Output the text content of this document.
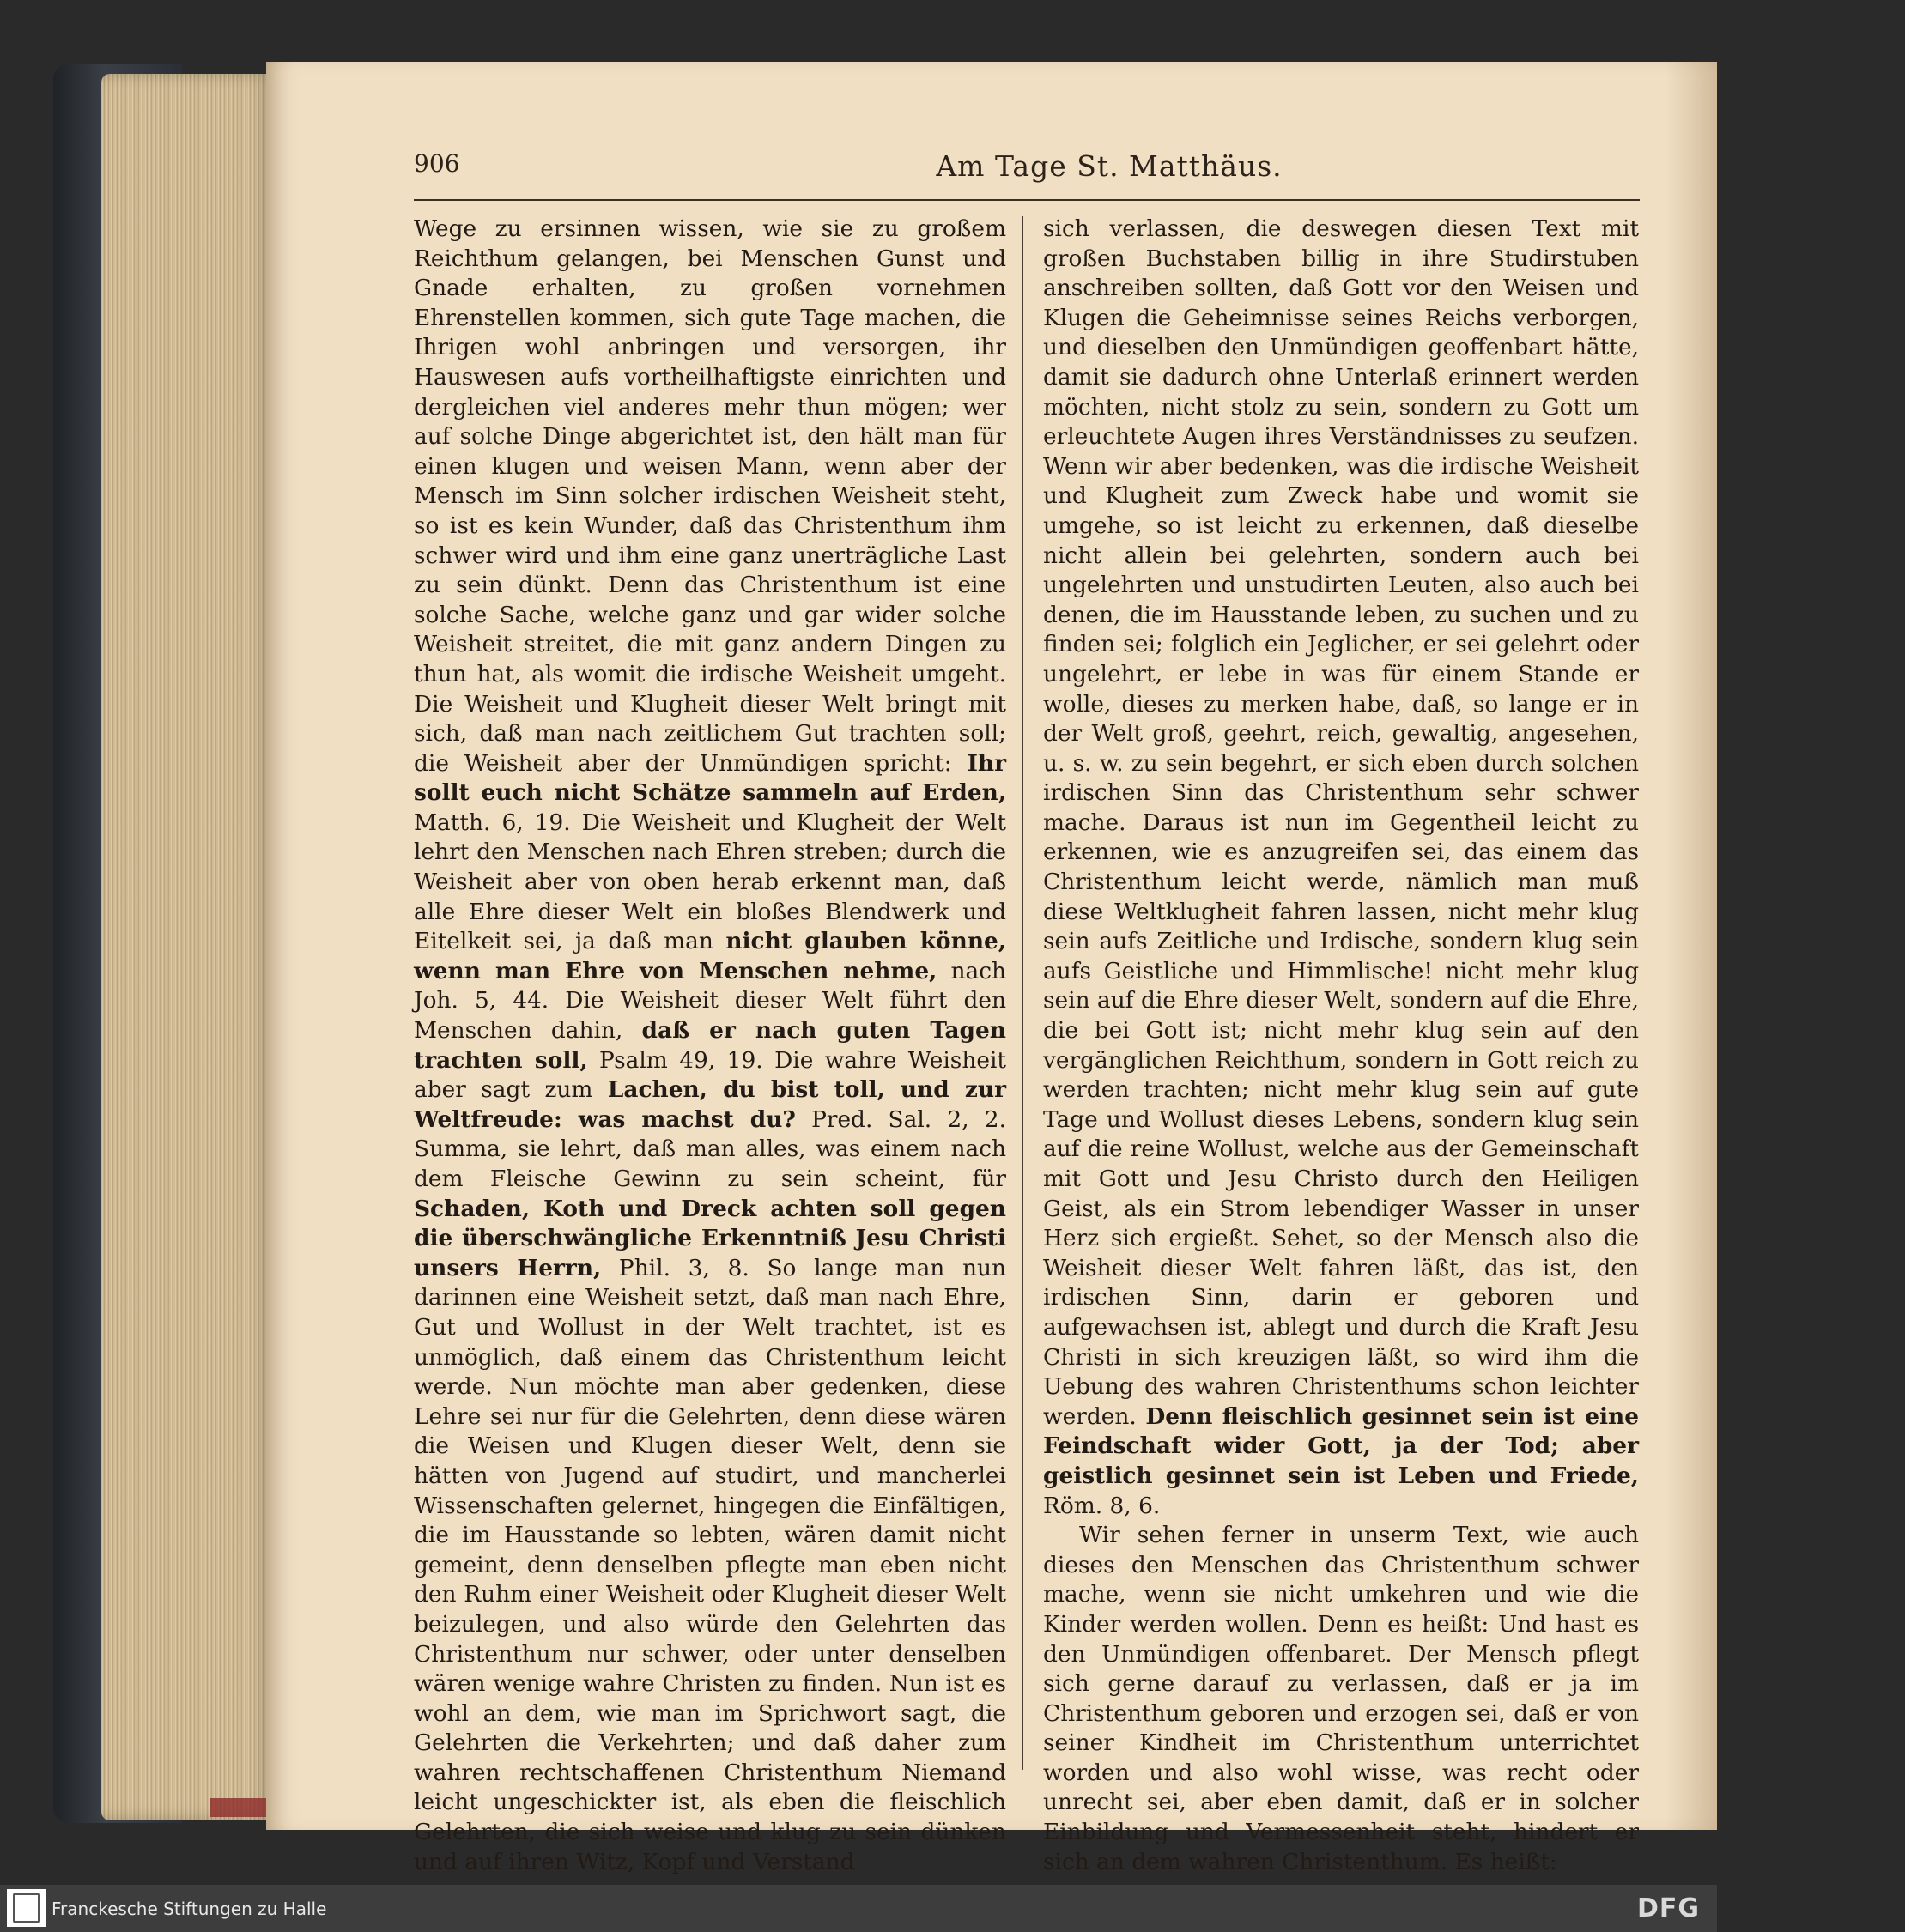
906	Am Tage St. Matthäus.

Wege zu ersinnen wissen, wie sie zu großem Reichthum gelangen, bei Menschen Gunst und Gnade erhalten, zu großen vornehmen Ehrenstellen kommen, sich gute Tage machen, die Ihrigen wohl anbringen und versorgen, ihr Hauswesen aufs vortheilhaftigste einrichten und dergleichen viel anderes mehr thun mögen; wer auf solche Dinge abgerichtet ist, den hält man für einen klugen und weisen Mann, wenn aber der Mensch im Sinn solcher irdischen Weisheit steht, so ist es kein Wunder, daß das Christenthum ihm schwer wird und ihm eine ganz unerträgliche Last zu sein dünkt. Denn das Christenthum ist eine solche Sache, welche ganz und gar wider solche Weisheit streitet, die mit ganz andern Dingen zu thun hat, als womit die irdische Weisheit umgeht. Die Weisheit und Klugheit dieser Welt bringt mit sich, daß man nach zeitlichem Gut trachten soll; die Weisheit aber der Unmündigen spricht: Ihr sollt euch nicht Schätze sammeln auf Erden, Matth. 6, 19. Die Weisheit und Klugheit der Welt lehrt den Menschen nach Ehren streben; durch die Weisheit aber von oben herab erkennt man, daß alle Ehre dieser Welt ein bloßes Blendwerk und Eitelkeit sei, ja daß man nicht glauben könne, wenn man Ehre von Menschen nehme, nach Joh. 5, 44. Die Weisheit dieser Welt führt den Menschen dahin, daß er nach guten Tagen trachten soll, Psalm 49, 19. Die wahre Weisheit aber sagt zum Lachen, du bist toll, und zur Weltfreude: was machst du? Pred. Sal. 2, 2. Summa, sie lehrt, daß man alles, was einem nach dem Fleische Gewinn zu sein scheint, für Schaden, Koth und Dreck achten soll gegen die überschwängliche Erkenntniß Jesu Christi unsers Herrn, Phil. 3, 8. So lange man nun darinnen eine Weisheit setzt, daß man nach Ehre, Gut und Wollust in der Welt trachtet, ist es unmöglich, daß einem das Christenthum leicht werde. Nun möchte man aber gedenken, diese Lehre sei nur für die Gelehrten, denn diese wären die Weisen und Klugen dieser Welt, denn sie hätten von Jugend auf studirt, und mancherlei Wissenschaften gelernet, hingegen die Einfältigen, die im Hausstande so lebten, wären damit nicht gemeint, denn denselben pflegte man eben nicht den Ruhm einer Weisheit oder Klugheit dieser Welt beizulegen, und also würde den Gelehrten das Christenthum nur schwer, oder unter denselben wären wenige wahre Christen zu finden. Nun ist es wohl an dem, wie man im Sprichwort sagt, die Gelehrten die Verkehrten; und daß daher zum wahren rechtschaffenen Christenthum Niemand leicht ungeschickter ist, als eben die fleischlich Gelehrten, die sich weise und klug zu sein dünken und auf ihren Witz, Kopf und Verstand

sich verlassen, die deswegen diesen Text mit großen Buchstaben billig in ihre Studirstuben anschreiben sollten, daß Gott vor den Weisen und Klugen die Geheimnisse seines Reichs verborgen, und dieselben den Unmündigen geoffenbart hätte, damit sie dadurch ohne Unterlaß erinnert werden möchten, nicht stolz zu sein, sondern zu Gott um erleuchtete Augen ihres Verständnisses zu seufzen. Wenn wir aber bedenken, was die irdische Weisheit und Klugheit zum Zweck habe und womit sie umgehe, so ist leicht zu erkennen, daß dieselbe nicht allein bei gelehrten, sondern auch bei ungelehrten und unstudirten Leuten, also auch bei denen, die im Hausstande leben, zu suchen und zu finden sei; folglich ein Jeglicher, er sei gelehrt oder ungelehrt, er lebe in was für einem Stande er wolle, dieses zu merken habe, daß, so lange er in der Welt groß, geehrt, reich, gewaltig, angesehen, u. s. w. zu sein begehrt, er sich eben durch solchen irdischen Sinn das Christenthum sehr schwer mache. Daraus ist nun im Gegentheil leicht zu erkennen, wie es anzugreifen sei, das einem das Christenthum leicht werde, nämlich man muß diese Weltklugheit fahren lassen, nicht mehr klug sein aufs Zeitliche und Irdische, sondern klug sein aufs Geistliche und Himmlische! nicht mehr klug sein auf die Ehre dieser Welt, sondern auf die Ehre, die bei Gott ist; nicht mehr klug sein auf den vergänglichen Reichthum, sondern in Gott reich zu werden trachten; nicht mehr klug sein auf gute Tage und Wollust dieses Lebens, sondern klug sein auf die reine Wollust, welche aus der Gemeinschaft mit Gott und Jesu Christo durch den Heiligen Geist, als ein Strom lebendiger Wasser in unser Herz sich ergießt. Sehet, so der Mensch also die Weisheit dieser Welt fahren läßt, das ist, den irdischen Sinn, darin er geboren und aufgewachsen ist, ablegt und durch die Kraft Jesu Christi in sich kreuzigen läßt, so wird ihm die Uebung des wahren Christenthums schon leichter werden. Denn fleischlich gesinnet sein ist eine Feindschaft wider Gott, ja der Tod; aber geistlich gesinnet sein ist Leben und Friede, Röm. 8, 6.

Wir sehen ferner in unserm Text, wie auch dieses den Menschen das Christenthum schwer mache, wenn sie nicht umkehren und wie die Kinder werden wollen. Denn es heißt: Und hast es den Unmündigen offenbaret. Der Mensch pflegt sich gerne darauf zu verlassen, daß er ja im Christenthum geboren und erzogen sei, daß er von seiner Kindheit im Christenthum unterrichtet worden und also wohl wisse, was recht oder unrecht sei, aber eben damit, daß er in solcher Einbildung und Vermessenheit steht, hindert er sich an dem wahren Christenthum. Es heißt:

Franckesche Stiftungen zu Halle	DFG
